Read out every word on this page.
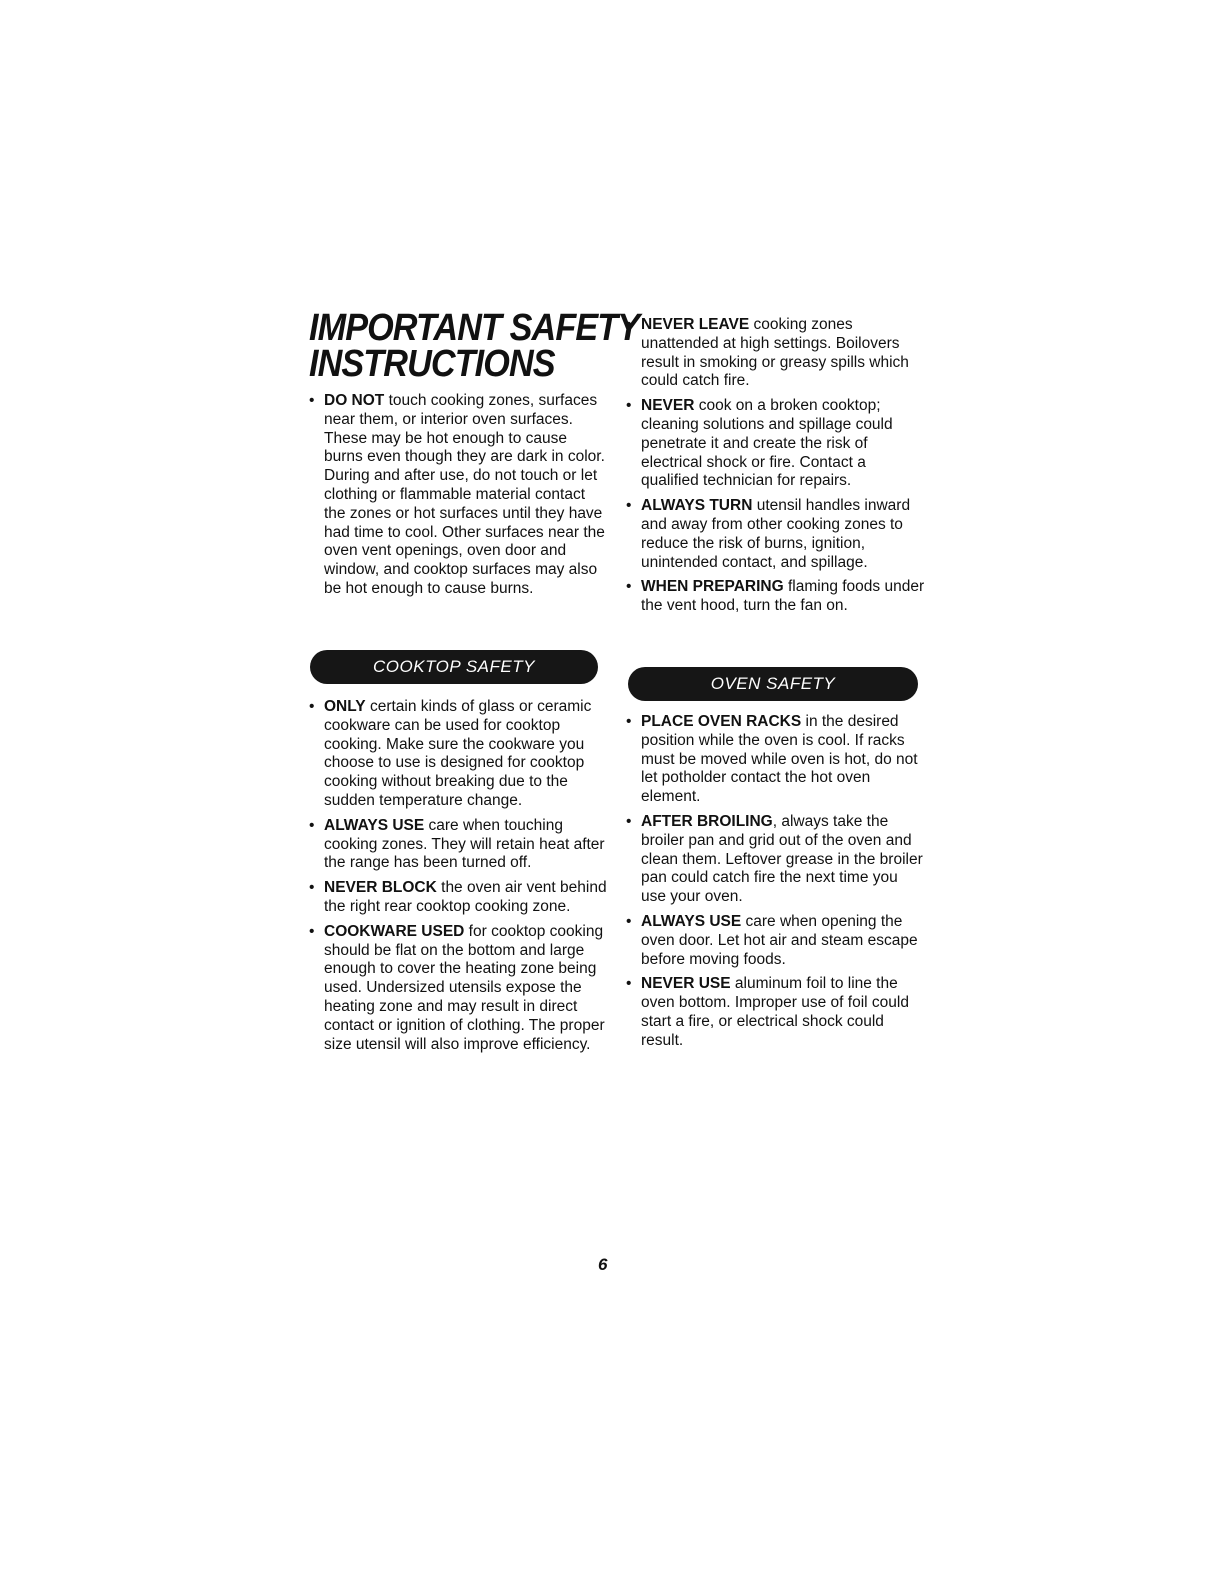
IMPORTANT SAFETY
INSTRUCTIONS
• DO NOT touch cooking zones, surfaces near them, or interior oven surfaces. These may be hot enough to cause burns even though they are dark in color. During and after use, do not touch or let clothing or flammable material contact the zones or hot surfaces until they have had time to cool. Other surfaces near the oven vent openings, oven door and window, and cooktop surfaces may also be hot enough to cause burns.
COOKTOP SAFETY
• ONLY certain kinds of glass or ceramic cookware can be used for cooktop cooking. Make sure the cookware you choose to use is designed for cooktop cooking without breaking due to the sudden temperature change.
• ALWAYS USE care when touching cooking zones. They will retain heat after the range has been turned off.
• NEVER BLOCK the oven air vent behind the right rear cooktop cooking zone.
• COOKWARE USED for cooktop cooking should be flat on the bottom and large enough to cover the heating zone being used. Undersized utensils expose the heating zone and may result in direct contact or ignition of clothing. The proper size utensil will also improve efficiency.
• NEVER LEAVE cooking zones unattended at high settings. Boilovers result in smoking or greasy spills which could catch fire.
• NEVER cook on a broken cooktop; cleaning solutions and spillage could penetrate it and create the risk of electrical shock or fire. Contact a qualified technician for repairs.
• ALWAYS TURN utensil handles inward and away from other cooking zones to reduce the risk of burns, ignition, unintended contact, and spillage.
• WHEN PREPARING flaming foods under the vent hood, turn the fan on.
OVEN SAFETY
• PLACE OVEN RACKS in the desired position while the oven is cool. If racks must be moved while oven is hot, do not let potholder contact the hot oven element.
• AFTER BROILING, always take the broiler pan and grid out of the oven and clean them. Leftover grease in the broiler pan could catch fire the next time you use your oven.
• ALWAYS USE care when opening the oven door. Let hot air and steam escape before moving foods.
• NEVER USE aluminum foil to line the oven bottom. Improper use of foil could start a fire, or electrical shock could result.
6
